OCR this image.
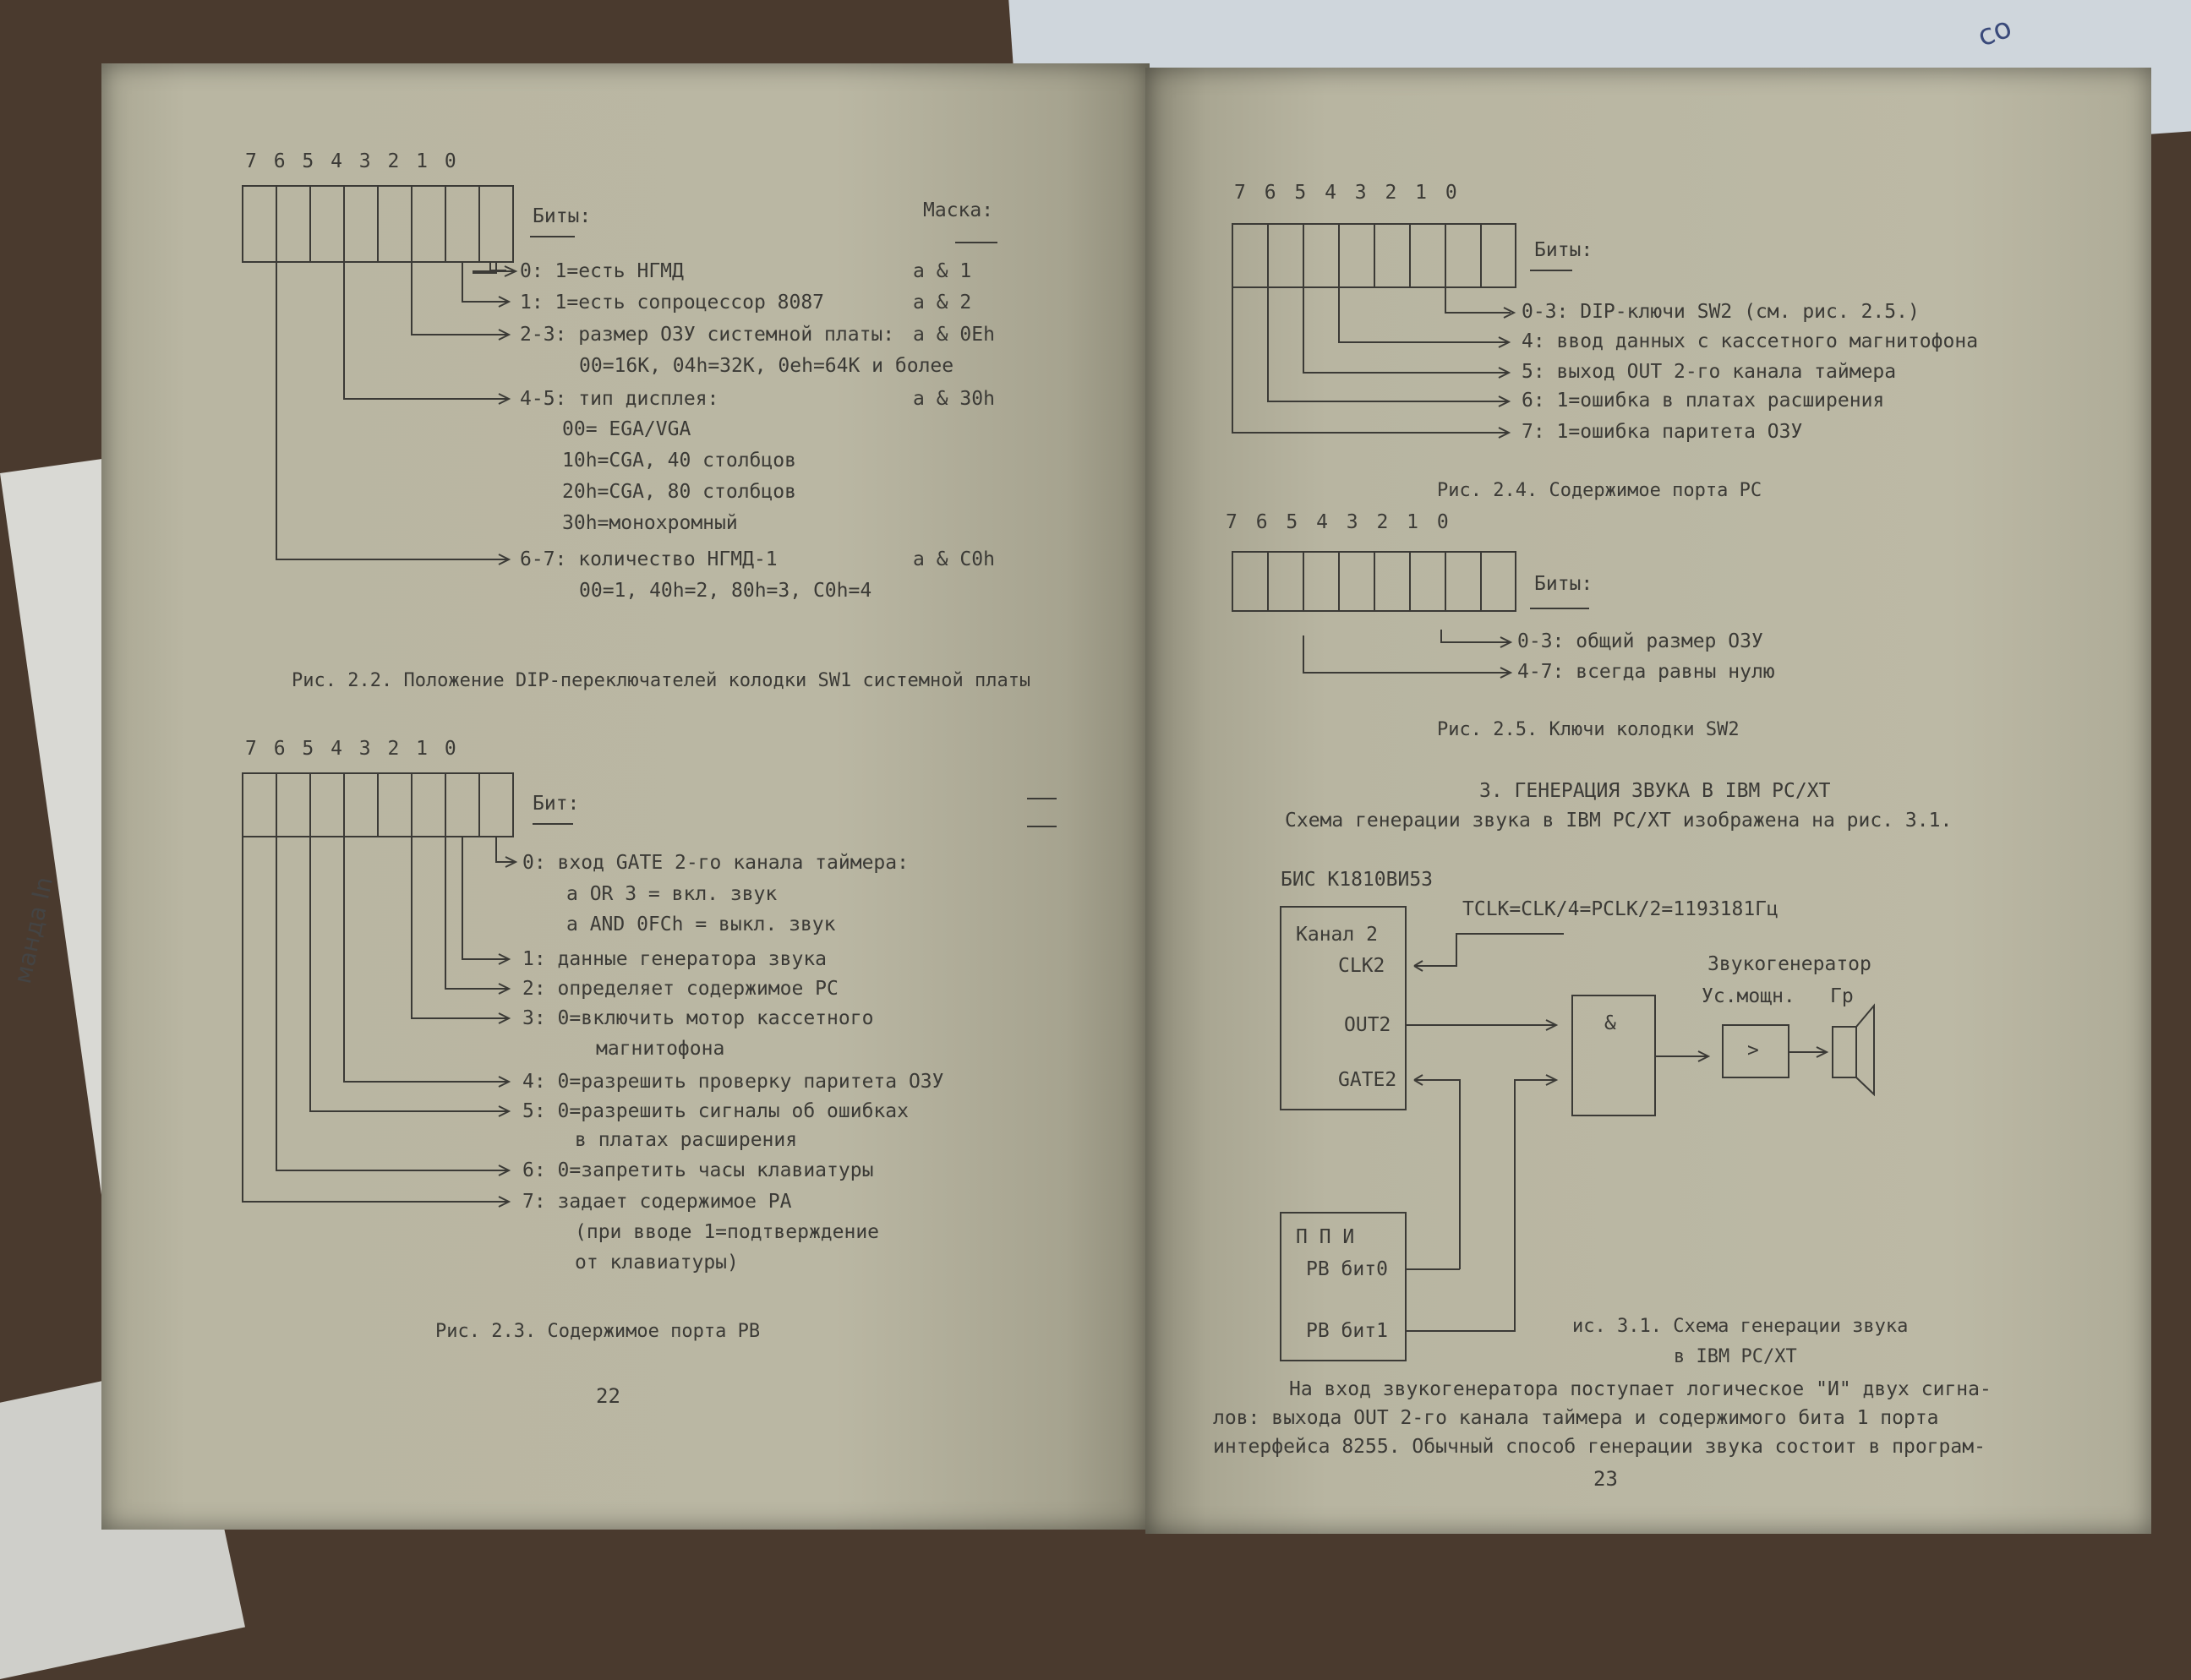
манда In
co
7 6 5 4 3 2 1 0
Биты:	Маска:
0: 1=есть НГМД	a & 1
1: 1=есть сопроцессор 8087	a & 2
2-3: размер ОЗУ системной платы: a & 0Eh
00=16K, 04h=32K, 0eh=64K и более
4-5: тип дисплея:	a & 30h
00= EGA/VGA
10h=CGA, 40 столбцов
20h=CGA, 80 столбцов
30h=монохромный
6-7: количество НГМД-1	a & C0h
00=1, 40h=2, 80h=3, C0h=4
Рис. 2.2. Положение DIP-переключателей колодки SW1 системной платы
7 6 5 4 3 2 1 0
Бит:
0: вход GATE 2-го канала таймера:
a OR 3 = вкл. звук
a AND 0FCh = выкл. звук
1: данные генератора звука
2: определяет содержимое PC
3: 0=включить мотор кассетного
магнитофона
4: 0=разрешить проверку паритета ОЗУ
5: 0=разрешить сигналы об ошибках
в платах расширения
6: 0=запретить часы клавиатуры
7: задает содержимое PA
(при вводе 1=подтверждение
от клавиатуры)
Рис. 2.3. Содержимое порта PB
22
7 6 5 4 3 2 1 0
Биты:
0-3: DIP-ключи SW2 (см. рис. 2.5.)
4: ввод данных с кассетного магнитофона
5: выход OUT 2-го канала таймера
6: 1=ошибка в платах расширения
7: 1=ошибка паритета ОЗУ
Рис. 2.4. Содержимое порта PC
7 6 5 4 3 2 1 0
Биты:
0-3: общий размер ОЗУ
4-7: всегда равны нулю
Рис. 2.5. Ключи колодки SW2
3. ГЕНЕРАЦИЯ ЗВУКА В IBM PC/XT
Схема генерации звука в IBM PC/XT изображена на рис. 3.1.
БИС К1810ВИ53
TCLK=CLK/4=PCLK/2=1193181Гц
Канал 2
CLK2
OUT2
GATE2
&
Звукогенератор
Ус.мощн. Гр
>
П П И
PB бит0
PB бит1	ис. 3.1. Схема генерации звука
в IBM PC/XT
На вход звукогенератора поступает логическое "И" двух сигна-
лов: выхода OUT 2-го канала таймера и содержимого бита 1 порта
интерфейса 8255. Обычный способ генерации звука состоит в програм-
23
